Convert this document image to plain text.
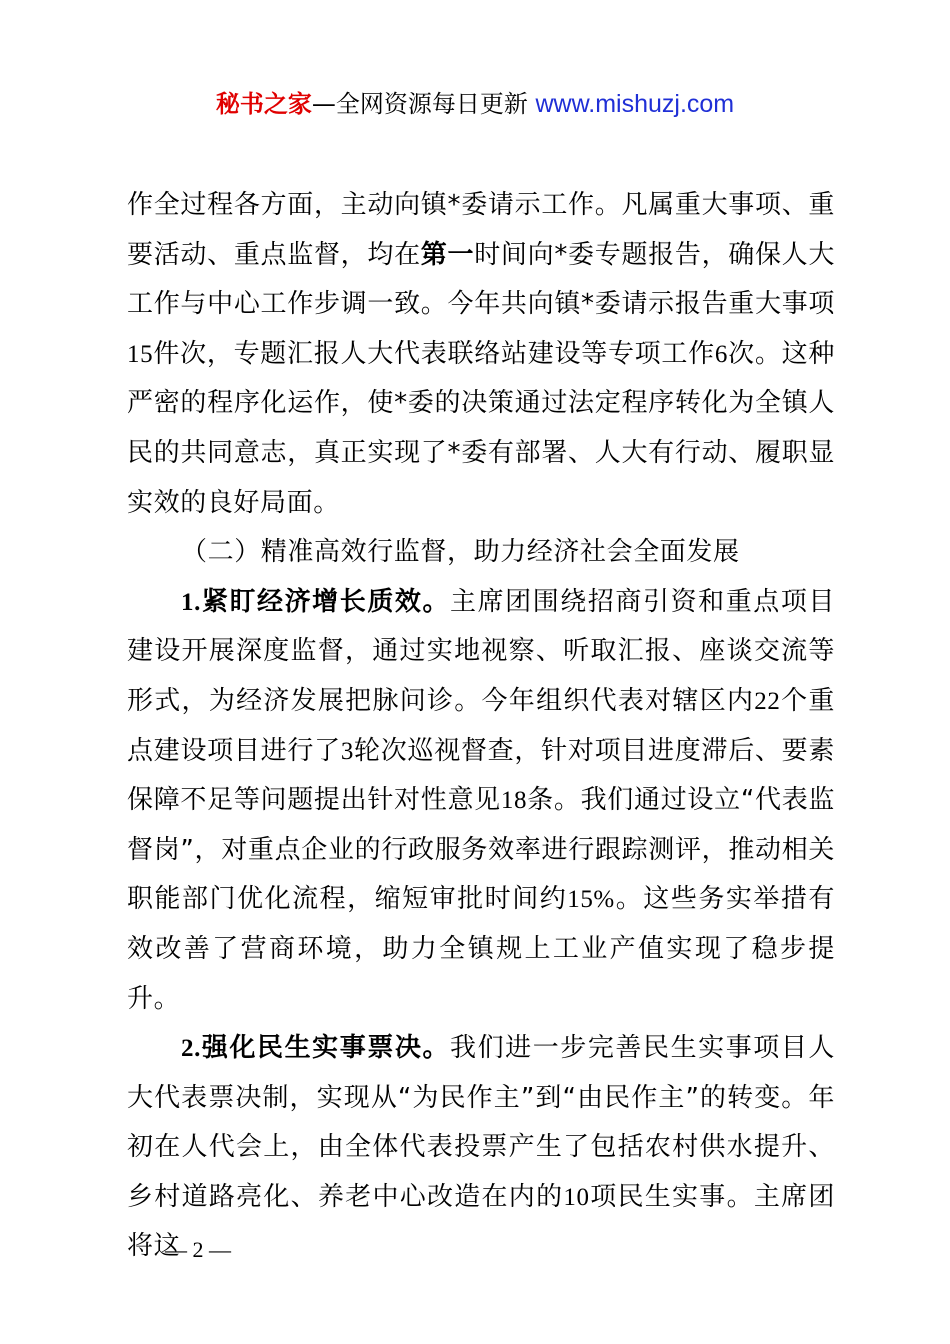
秘书之家—全网资源每日更新 www.mishuzj.com

作全过程各方面，主动向镇*委请示工作。凡属重大事项、重要活动、重点监督，均在第一时间向*委专题报告，确保人大工作与中心工作步调一致。今年共向镇*委请示报告重大事项15件次，专题汇报人大代表联络站建设等专项工作6次。这种严密的程序化运作，使*委的决策通过法定程序转化为全镇人民的共同意志，真正实现了*委有部署、人大有行动、履职显实效的良好局面。

（二）精准高效行监督，助力经济社会全面发展

1.紧盯经济增长质效。主席团围绕招商引资和重点项目建设开展深度监督，通过实地视察、听取汇报、座谈交流等形式，为经济发展把脉问诊。今年组织代表对辖区内22个重点建设项目进行了3轮次巡视督查，针对项目进度滞后、要素保障不足等问题提出针对性意见18条。我们通过设立“代表监督岗”，对重点企业的行政服务效率进行跟踪测评，推动相关职能部门优化流程，缩短审批时间约15%。这些务实举措有效改善了营商环境，助力全镇规上工业产值实现了稳步提升。

2.强化民生实事票决。我们进一步完善民生实事项目人大代表票决制，实现从“为民作主”到“由民作主”的转变。年初在人代会上，由全体代表投票产生了包括农村供水提升、乡村道路亮化、养老中心改造在内的10项民生实事。主席团将这

— 2 —
